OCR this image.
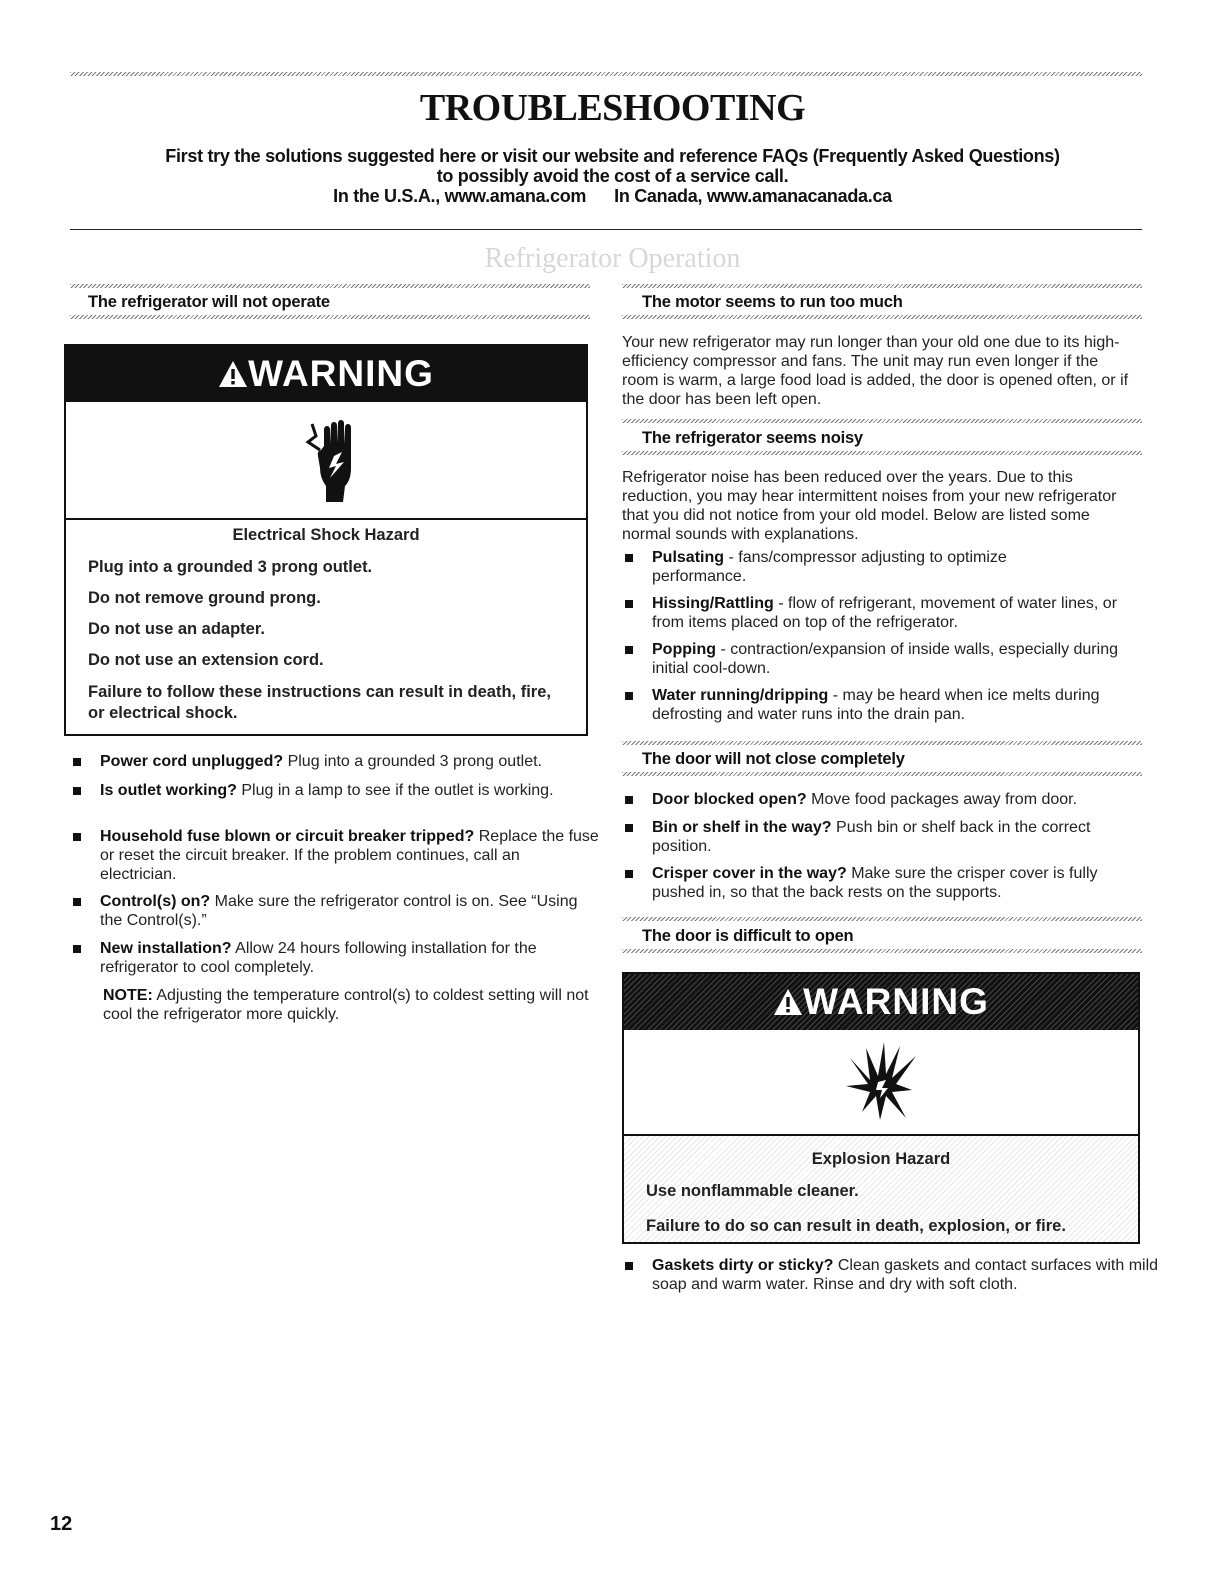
TROUBLESHOOTING
First try the solutions suggested here or visit our website and reference FAQs (Frequently Asked Questions)
to possibly avoid the cost of a service call.
In the U.S.A., www.amana.com In Canada, www.amanacanada.ca
Refrigerator Operation
The refrigerator will not operate
WARNING
Electrical Shock Hazard
Plug into a grounded 3 prong outlet.
Do not remove ground prong.
Do not use an adapter.
Do not use an extension cord.
Failure to follow these instructions can result in death, fire, or electrical shock.
Power cord unplugged? Plug into a grounded 3 prong outlet.
Is outlet working? Plug in a lamp to see if the outlet is working.
Household fuse blown or circuit breaker tripped? Replace the fuse or reset the circuit breaker. If the problem continues, call an electrician.
Control(s) on? Make sure the refrigerator control is on. See “Using the Control(s).”
New installation? Allow 24 hours following installation for the refrigerator to cool completely.
NOTE: Adjusting the temperature control(s) to coldest setting will not cool the refrigerator more quickly.
The motor seems to run too much
Your new refrigerator may run longer than your old one due to its high-efficiency compressor and fans. The unit may run even longer if the room is warm, a large food load is added, the door is opened often, or if the door has been left open.
The refrigerator seems noisy
Refrigerator noise has been reduced over the years. Due to this reduction, you may hear intermittent noises from your new refrigerator that you did not notice from your old model. Below are listed some normal sounds with explanations.
Pulsating - fans/compressor adjusting to optimize performance.
Hissing/Rattling - flow of refrigerant, movement of water lines, or from items placed on top of the refrigerator.
Popping - contraction/expansion of inside walls, especially during initial cool-down.
Water running/dripping - may be heard when ice melts during defrosting and water runs into the drain pan.
The door will not close completely
Door blocked open? Move food packages away from door.
Bin or shelf in the way? Push bin or shelf back in the correct position.
Crisper cover in the way? Make sure the crisper cover is fully pushed in, so that the back rests on the supports.
The door is difficult to open
WARNING
Explosion Hazard
Use nonflammable cleaner.
Failure to do so can result in death, explosion, or fire.
Gaskets dirty or sticky? Clean gaskets and contact surfaces with mild soap and warm water. Rinse and dry with soft cloth.
12
